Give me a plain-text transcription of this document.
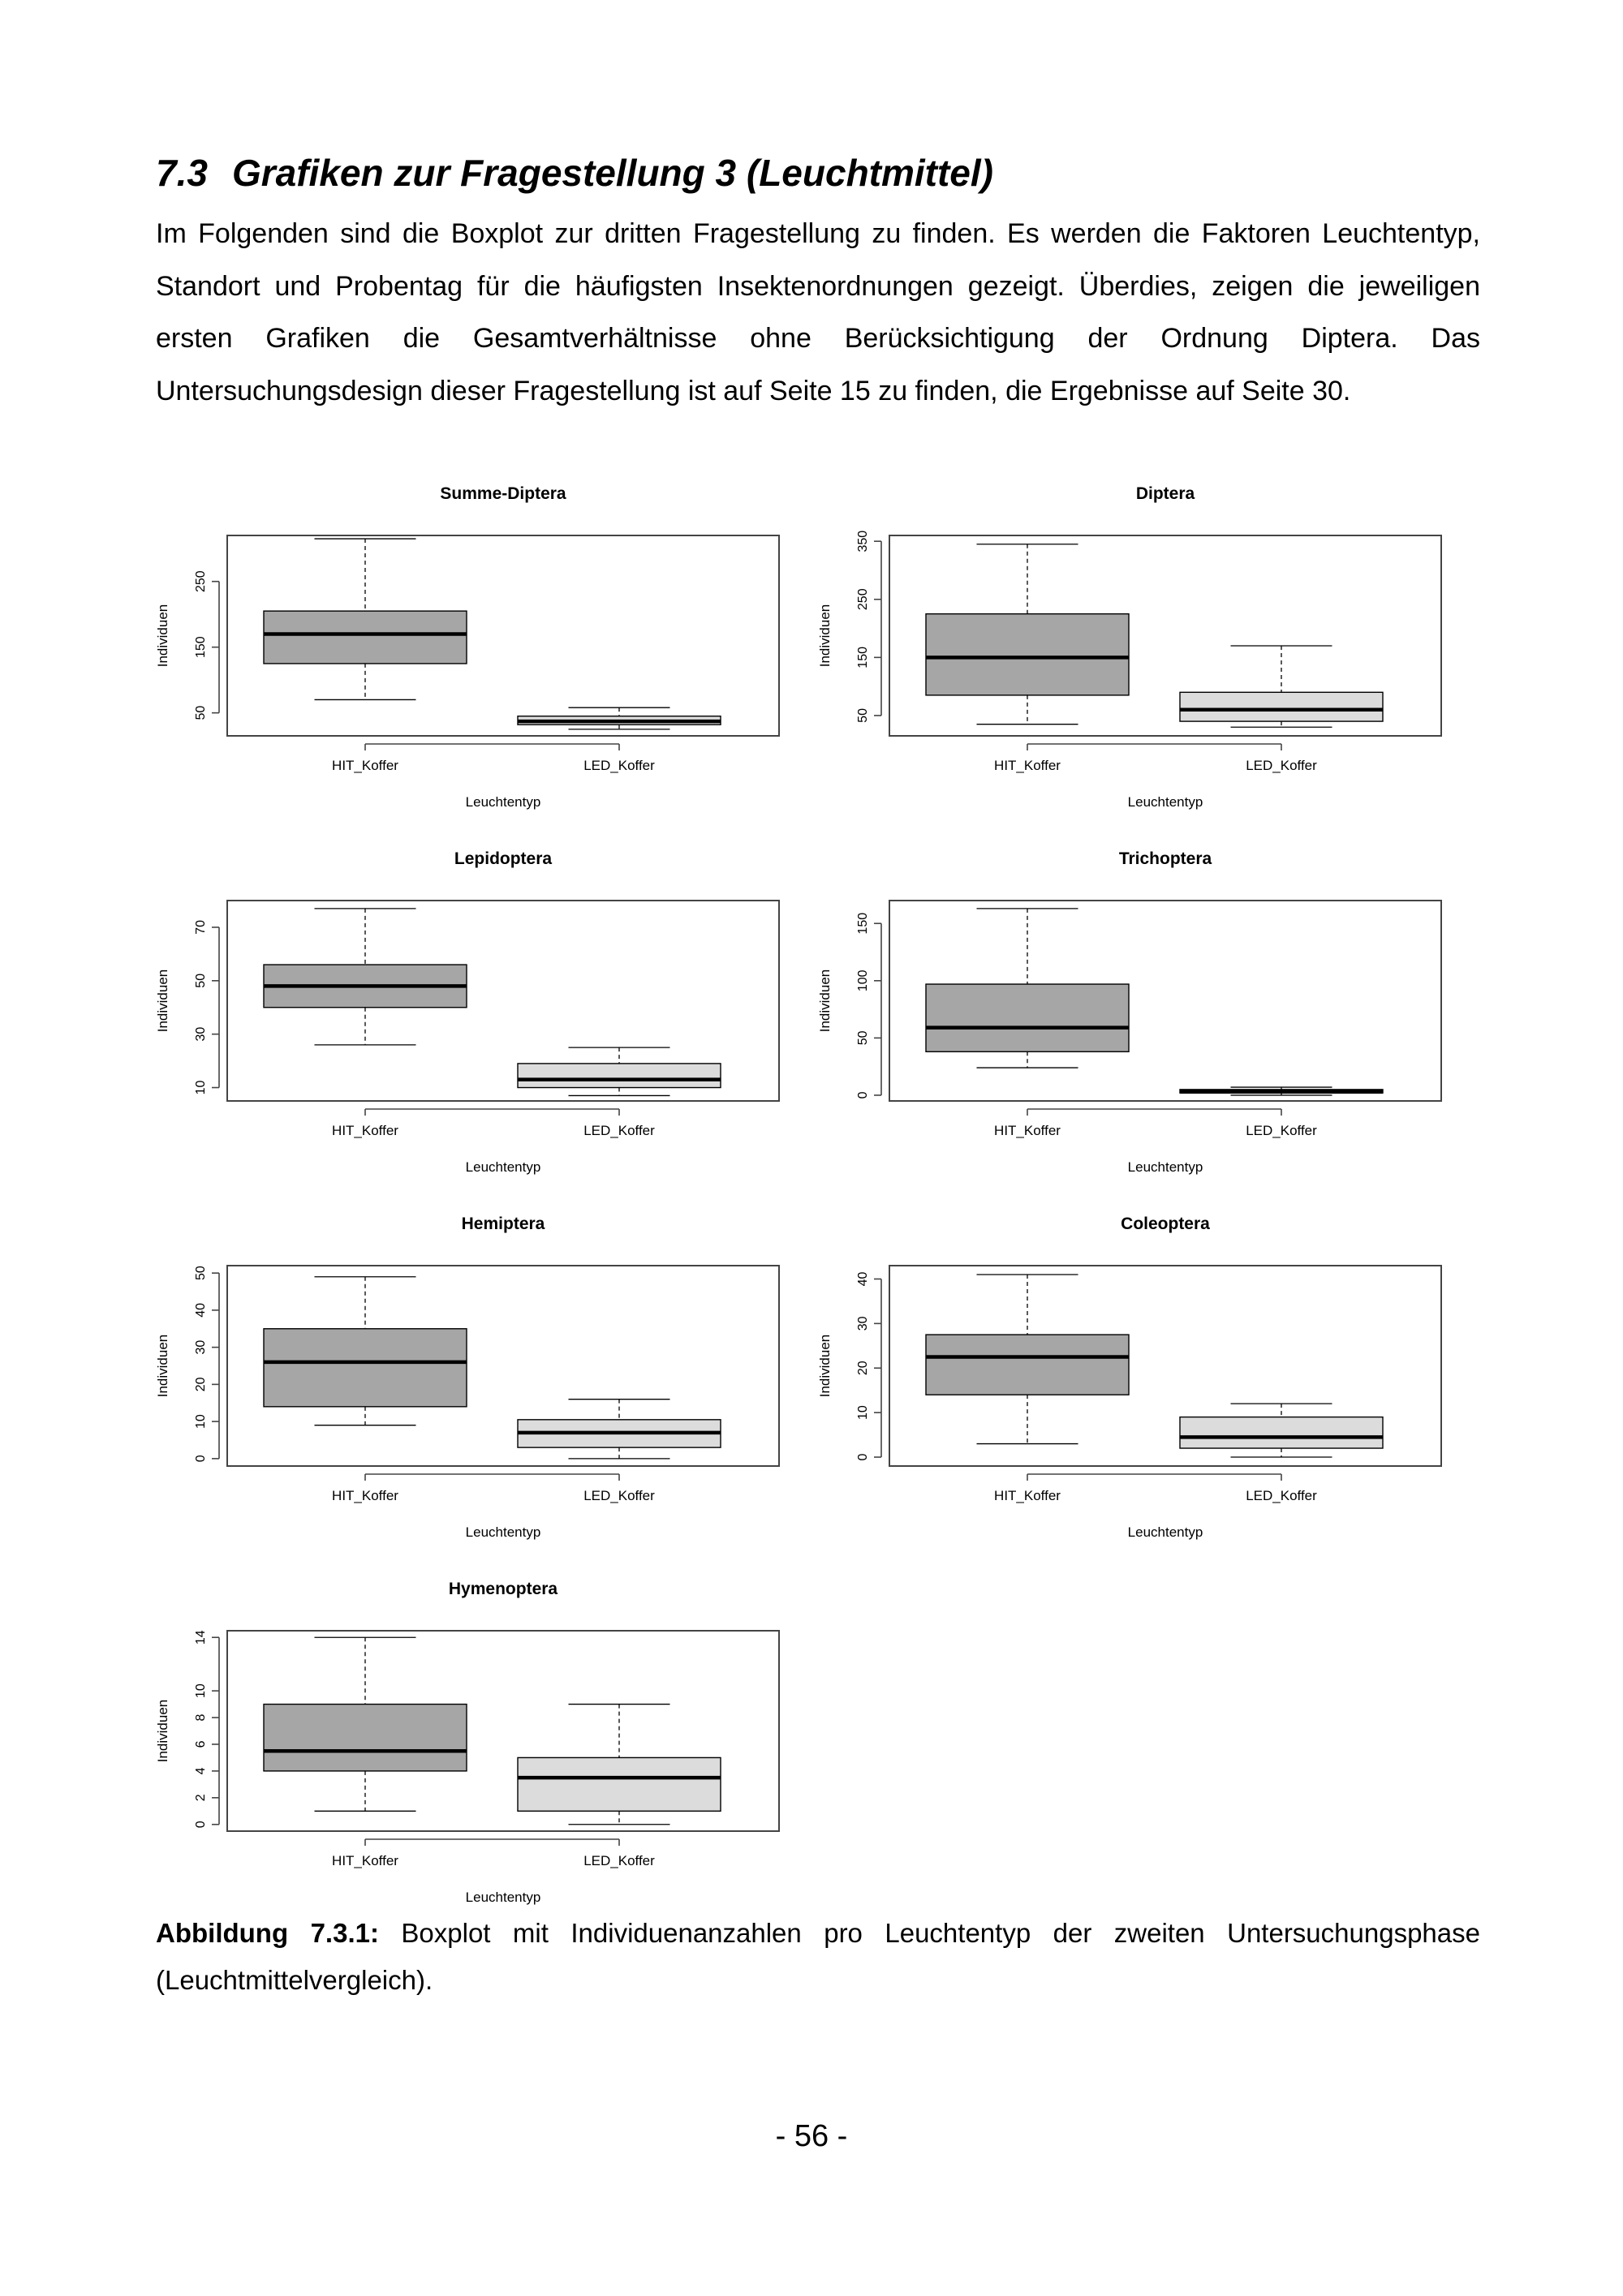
7.3 Grafiken zur Fragestellung 3 (Leuchtmittel)
Im Folgenden sind die Boxplot zur dritten Fragestellung zu finden. Es werden die Faktoren Leuchtentyp, Standort und Probentag für die häufigsten Insektenordnungen gezeigt. Überdies, zeigen die jeweiligen ersten Grafiken die Gesamtverhältnisse ohne Berücksichtigung der Ordnung Diptera. Das Untersuchungsdesign dieser Fragestellung ist auf Seite 15 zu finden, die Ergebnisse auf Seite 30.
Summe-Diptera
50
150
250
Individuen
HIT_Koffer	LED_Koffer
Leuchtentyp
Diptera
50
150
250
350
Individuen
HIT_Koffer	LED_Koffer
Leuchtentyp
Lepidoptera
10
30
50
70
Individuen
HIT_Koffer	LED_Koffer
Leuchtentyp
Trichoptera
0
50
100
150
Individuen
HIT_Koffer	LED_Koffer
Leuchtentyp
Hemiptera
0
10
20
30
40
50
Individuen
HIT_Koffer	LED_Koffer
Leuchtentyp
Coleoptera
0
10
20
30
40
Individuen
HIT_Koffer	LED_Koffer
Leuchtentyp
Hymenoptera
0
2
4
6
8
10
14
Individuen
HIT_Koffer	LED_Koffer
Leuchtentyp
Abbildung 7.3.1: Boxplot mit Individuenanzahlen pro Leuchtentyp der zweiten Untersuchungsphase (Leuchtmittelvergleich).
- 56 -
